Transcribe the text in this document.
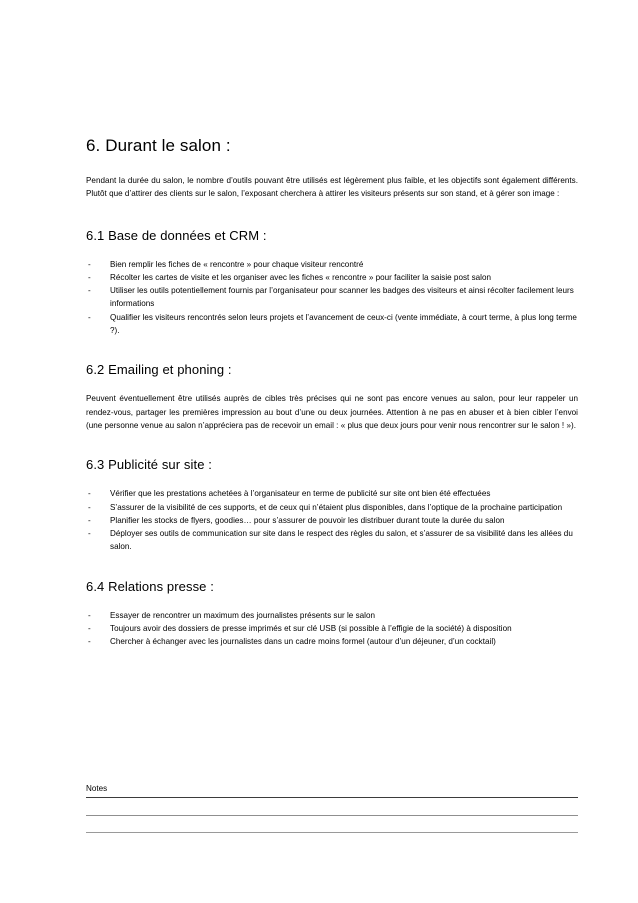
6. Durant le salon :

Pendant la durée du salon, le nombre d’outils pouvant être utilisés est légèrement plus faible, et les objectifs sont également différents. Plutôt que d’attirer des clients sur le salon, l’exposant cherchera à attirer les visiteurs présents sur son stand, et à gérer son image :

6.1 Base de données et CRM :
- Bien remplir les fiches de « rencontre » pour chaque visiteur rencontré
- Récolter les cartes de visite et les organiser avec les fiches « rencontre » pour faciliter la saisie post salon
- Utiliser les outils potentiellement fournis par l’organisateur pour scanner les badges des visiteurs et ainsi récolter facilement leurs informations
- Qualifier les visiteurs rencontrés selon leurs projets et l’avancement de ceux-ci (vente immédiate, à court terme, à plus long terme ?).
6.2 Emailing et phoning :

Peuvent éventuellement être utilisés auprès de cibles très précises qui ne sont pas encore venues au salon, pour leur rappeler un rendez-vous, partager les premières impression au bout d’une ou deux journées. Attention à ne pas en abuser et à bien cibler l’envoi (une personne venue au salon n’appréciera pas de recevoir un email : « plus que deux jours pour venir nous rencontrer sur le salon ! »).

6.3 Publicité sur site :
- Vérifier que les prestations achetées à l’organisateur en terme de publicité sur site ont bien été effectuées
- S’assurer de la visibilité de ces supports, et de ceux qui n’étaient plus disponibles, dans l’optique de la prochaine participation
- Planifier les stocks de flyers, goodies… pour s’assurer de pouvoir les distribuer durant toute la durée du salon
- Déployer ses outils de communication sur site dans le respect des règles du salon, et s’assurer de sa visibilité dans les allées du salon.
6.4 Relations presse :
- Essayer de rencontrer un maximum des journalistes présents sur le salon
- Toujours avoir des dossiers de presse imprimés et sur clé USB (si possible à l’effigie de la société) à disposition
- Chercher à échanger avec les journalistes dans un cadre moins formel (autour d’un déjeuner, d’un cocktail)
Notes
